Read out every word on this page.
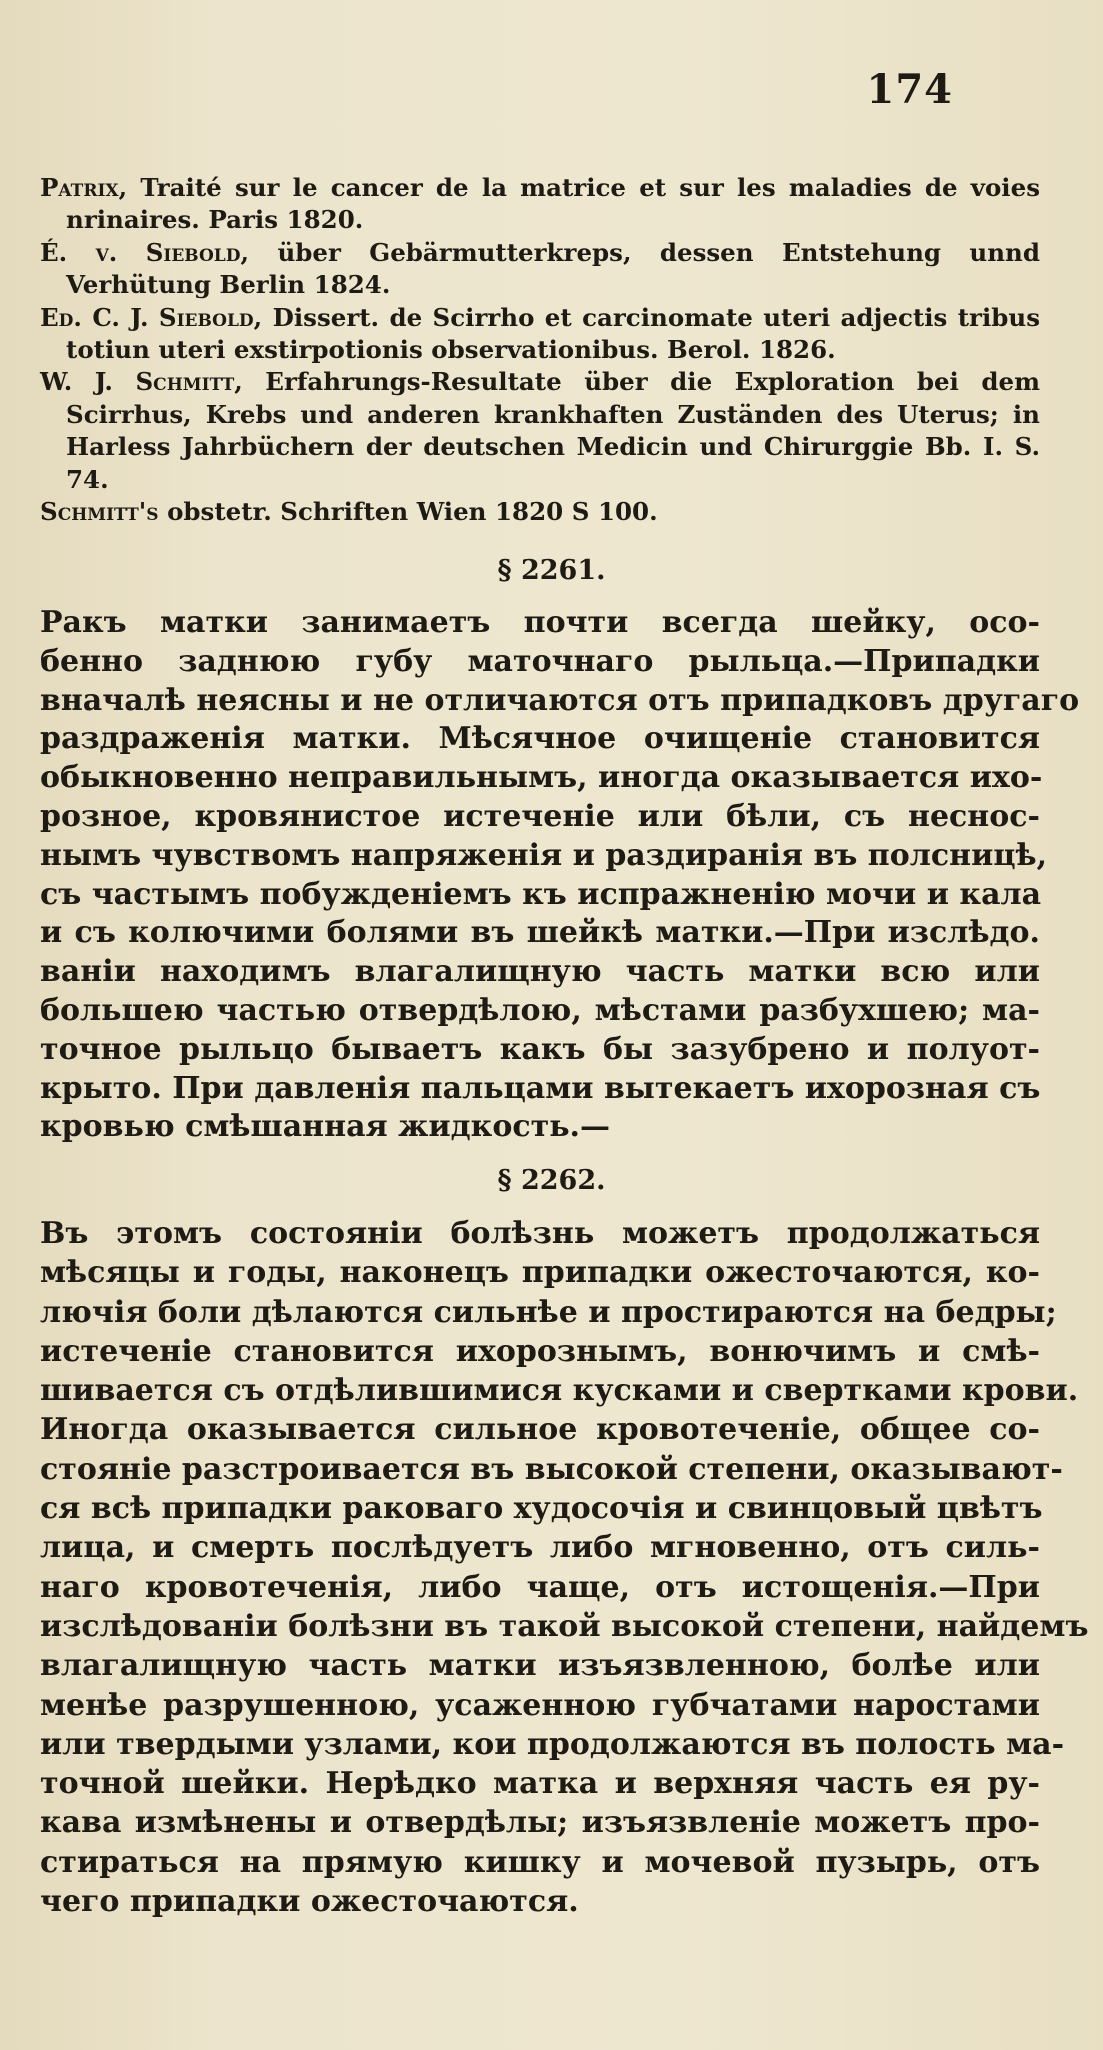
174
Patrix, Traité sur le cancer de la matrice et sur les maladies de voies nrinaires. Paris 1820.
É. v. Siebold, über Gebärmutterkreps, dessen Entstehung unnd Verhütung Berlin 1824.
Ed. C. J. Siebold, Dissert. de Scirrho et carcinomate uteri adjectis tribus totiun uteri exstirpotionis observationibus. Berol. 1826.
W. J. Schmitt, Erfahrungs-Resultate über die Exploration bei dem Scirrhus, Krebs und anderen krankhaften Zuständen des Uterus; in Harless Jahrbüchern der deutschen Medicin und Chirurggie Bb. I. S. 74.
Schmitt's obstetr. Schriften Wien 1820 S 100.
§ 2261.
Ракъ матки занимаетъ почти всегда шейку, осо-
бенно заднюю губу маточнаго рыльца.—Припадки
вначалѣ неясны и не отличаются отъ припадковъ другаго
раздраженія матки. Мѣсячное очищеніе становится
обыкновенно неправильнымъ, иногда оказывается ихо-
розное, кровянистое истеченіе или бѣли, съ неснос-
нымъ чувствомъ напряженія и раздиранія въ полсницѣ,
съ частымъ побужденіемъ къ испражненію мочи и кала
и съ колючими болями въ шейкѣ матки.—При изслѣдо.
ваніи находимъ влагалищную часть матки всю или
большею частью отвердѣлою, мѣстами разбухшею; ма-
точное рыльцо бываетъ какъ бы зазубрено и полуот-
крыто. При давленія пальцами вытекаетъ ихорозная съ
кровью смѣшанная жидкость.—
§ 2262.
Въ этомъ состояніи болѣзнь можетъ продолжаться
мѣсяцы и годы, наконецъ припадки ожесточаются, ко-
лючія боли дѣлаются сильнѣе и простираются на бедры;
истеченіе становится ихорознымъ, вонючимъ и смѣ-
шивается съ отдѣлившимися кусками и свертками крови.
Иногда оказывается сильное кровотеченіе, общее со-
стояніе разстроивается въ высокой степени, оказывают-
ся всѣ припадки раковаго худосочія и свинцовый цвѣтъ
лица, и смерть послѣдуетъ либо мгновенно, отъ силь-
наго кровотеченія, либо чаще, отъ истощенія.—При
изслѣдованіи болѣзни въ такой высокой степени, найдемъ
влагалищную часть матки изъязвленною, болѣе или
менѣе разрушенною, усаженною губчатами наростами
или твердыми узлами, кои продолжаются въ полость ма-
точной шейки. Нерѣдко матка и верхняя часть ея ру-
кава измѣнены и отвердѣлы; изъязвленіе можетъ про-
стираться на прямую кишку и мочевой пузырь, отъ
чего припадки ожесточаются.
